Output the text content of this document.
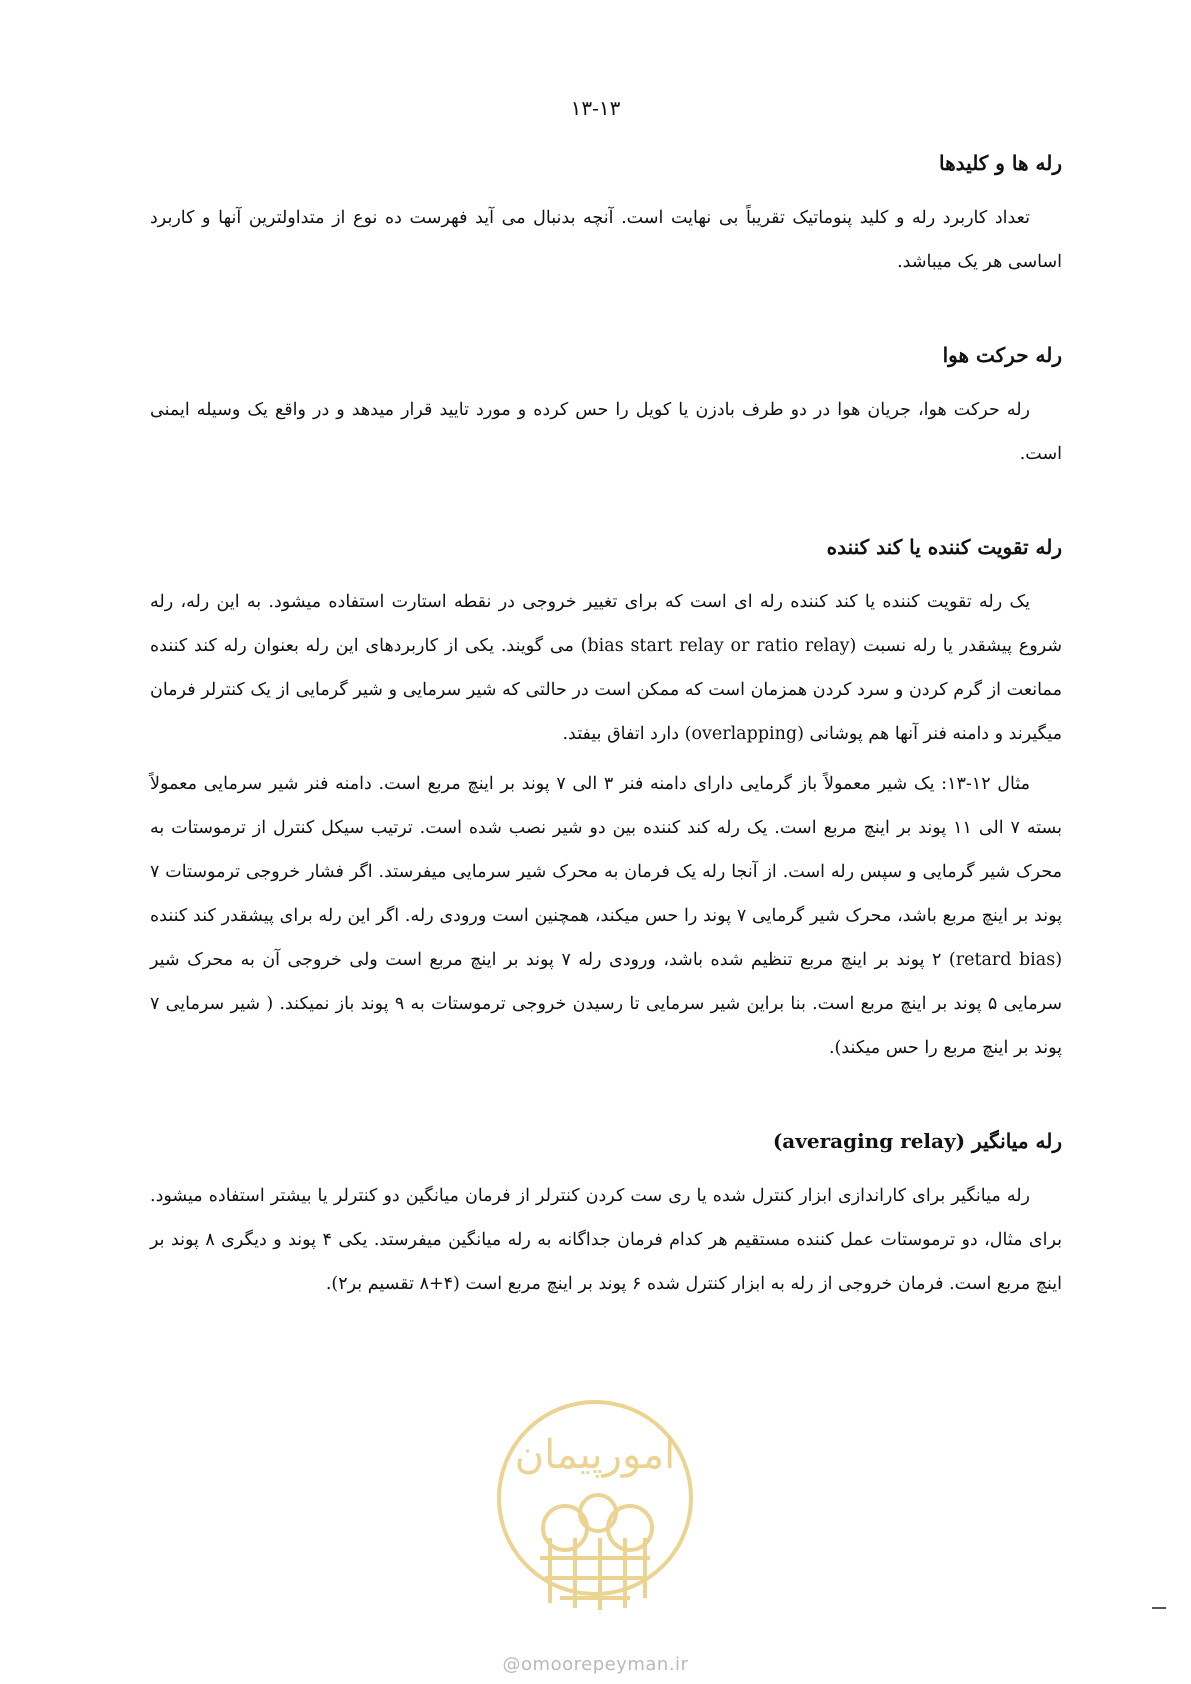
۱۳-۱۳
رله ها و کلیدها

تعداد کاربرد رله و کلید پنوماتیک تقریباً بی نهایت است. آنچه بدنبال می آید فهرست ده نوع از متداولترین آنها و کاربرد اساسی هر یک میباشد.

رله حرکت هوا

رله حرکت هوا، جریان هوا در دو طرف بادزن یا کویل را حس کرده و مورد تایید قرار میدهد و در واقع یک وسیله ایمنی است.

رله تقویت کننده یا کند کننده

یک رله تقویت کننده یا کند کننده رله ای است که برای تغییر خروجی در نقطه استارت استفاده میشود. به این رله، رله شروع پیشقدر یا رله نسبت (bias start relay or ratio relay) می گویند. یکی از کاربردهای این رله بعنوان رله کند کننده ممانعت از گرم کردن و سرد کردن همزمان است که ممکن است در حالتی که شیر سرمایی و شیر گرمایی از یک کنترلر فرمان میگیرند و دامنه فنر آنها هم پوشانی (overlapping) دارد اتفاق بیفتد.

مثال ۱۲-۱۳: یک شیر معمولاً باز گرمایی دارای دامنه فنر ۳ الی ۷ پوند بر اینچ مربع است. دامنه فنر شیر سرمایی معمولاً بسته ۷ الی ۱۱ پوند بر اینچ مربع است. یک رله کند کننده بین دو شیر نصب شده است. ترتیب سیکل کنترل از ترموستات به محرک شیر گرمایی و سپس رله است. از آنجا رله یک فرمان به محرک شیر سرمایی میفرستد. اگر فشار خروجی ترموستات ۷ پوند بر اینچ مربع باشد، محرک شیر گرمایی ۷ پوند را حس میکند، همچنین است ورودی رله. اگر این رله برای پیشقدر کند کننده (retard bias) ۲ پوند بر اینچ مربع تنظیم شده باشد، ورودی رله ۷ پوند بر اینچ مربع است ولی خروجی آن به محرک شیر سرمایی ۵ پوند بر اینچ مربع است. بنا براین شیر سرمایی تا رسیدن خروجی ترموستات به ۹ پوند باز نمیکند. ( شیر سرمایی ۷ پوند بر اینچ مربع را حس میکند).

رله میانگیر (averaging relay)

رله میانگیر برای کاراندازی ابزار کنترل شده یا ری ست کردن کنترلر از فرمان میانگین دو کنترلر یا بیشتر استفاده میشود. برای مثال، دو ترموستات عمل کننده مستقیم هر کدام فرمان جداگانه به رله میانگین میفرستد. یکی ۴ پوند و دیگری ۸ پوند بر اینچ مربع است. فرمان خروجی از رله به ابزار کنترل شده ۶ پوند بر اینچ مربع است (۴+۸ تقسیم بر۲).

امورپیمان
@omoorepeyman.ir
